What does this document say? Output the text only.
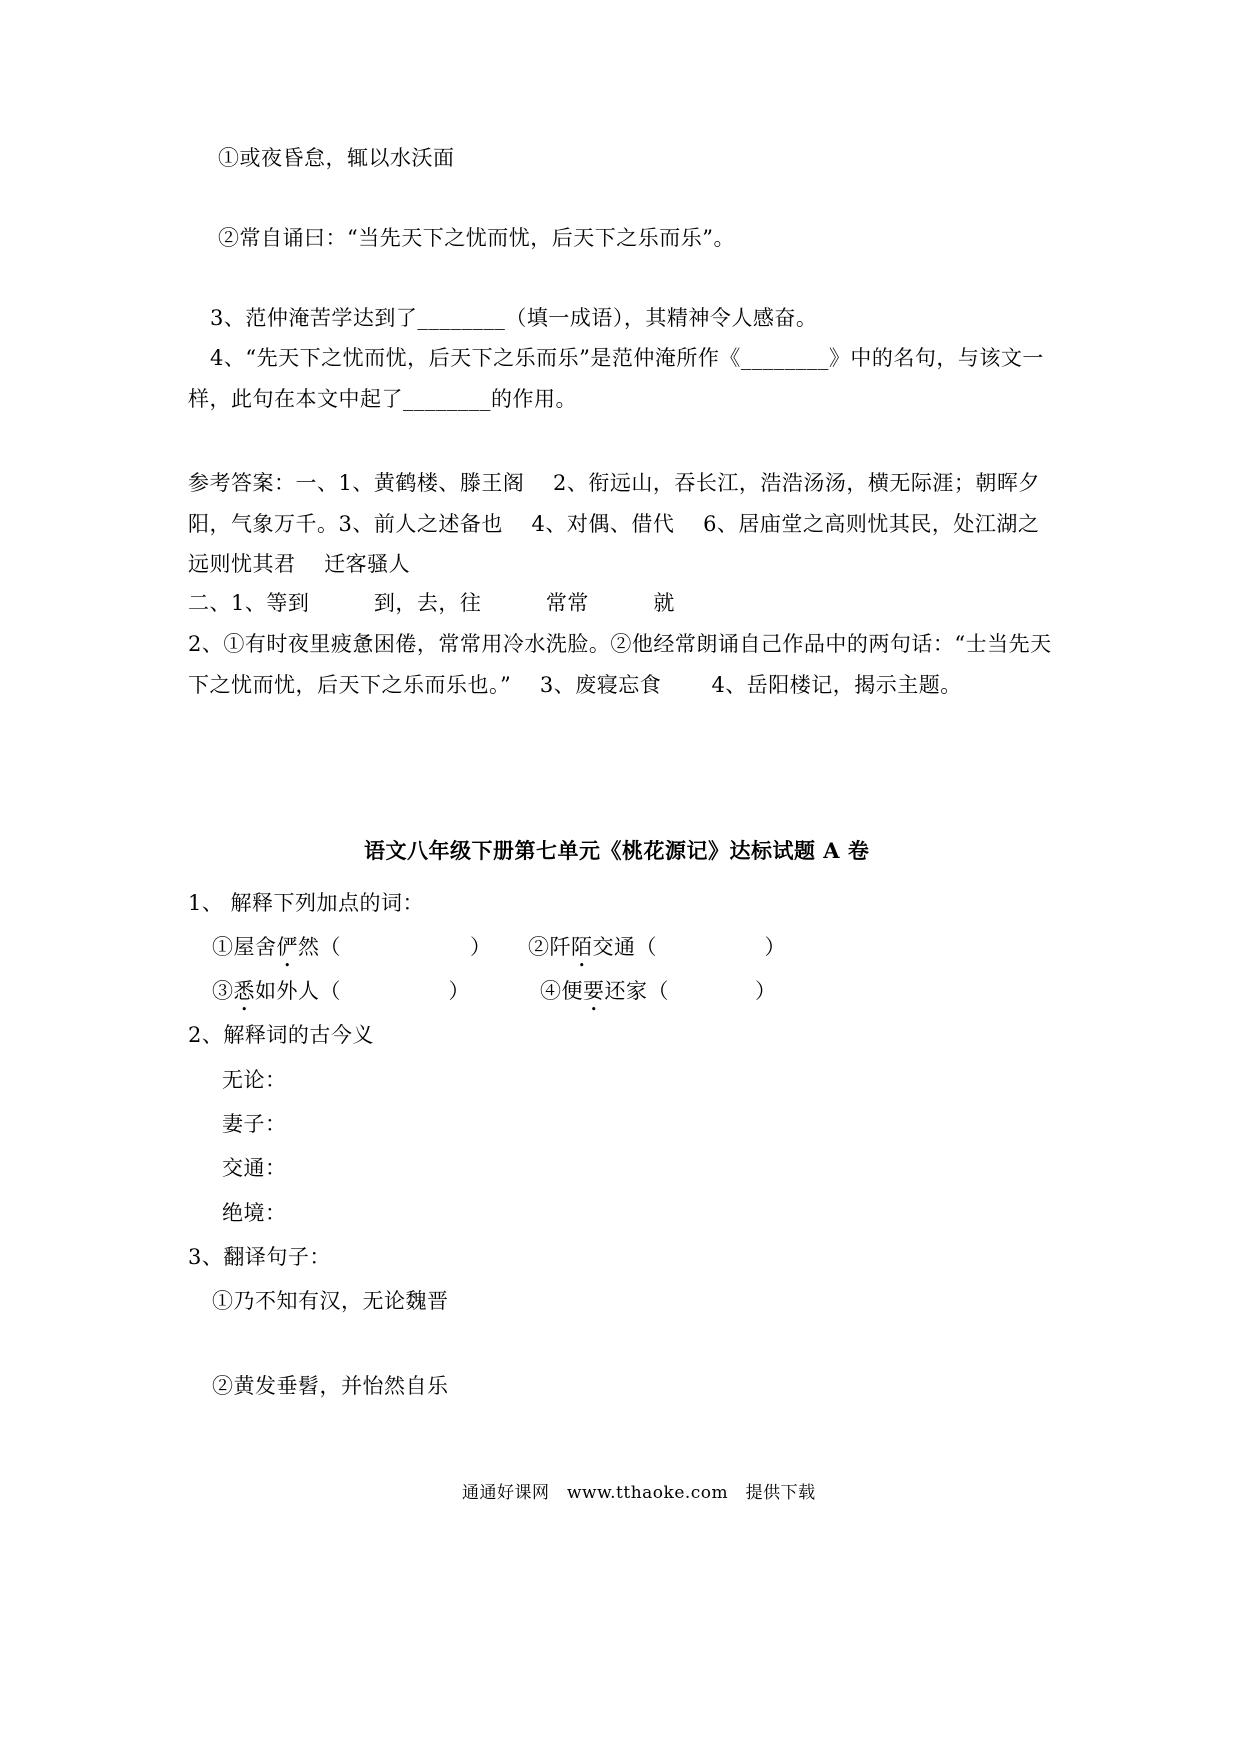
①或夜昏怠，辄以水沃面
②常自诵曰：“当先天下之忧而忧，后天下之乐而乐”。
3、范仲淹苦学达到了________（填一成语），其精神令人感奋。
4、“先天下之忧而忧，后天下之乐而乐”是范仲淹所作《________》中的名句，与该文一
样，此句在本文中起了________的作用。
参考答案：一、1、黄鹤楼、滕王阁　 2、衔远山，吞长江，浩浩汤汤，横无际涯；朝晖夕
阳，气象万千。3、前人之述备也　 4、对偶、借代　 6、居庙堂之高则忧其民，处江湖之
远则忧其君　 迁客骚人
二、1、等到　　　到，去，往　　　常常　　　就
2、①有时夜里疲惫困倦，常常用冷水洗脸。②他经常朗诵自己作品中的两句话：“士当先天
下之忧而忧，后天下之乐而乐也。”　 3、废寝忘食　　 4、岳阳楼记，揭示主题。
语文八年级下册第七单元《桃花源记》达标试题 A 卷
1、 解释下列加点的词：
①屋舍俨然（　　　　　　） ②阡陌交通（　　　　　）
③悉如外人（　　　　　）	④便要还家（　　　　）
2、解释词的古今义
无论：
妻子：
交通：
绝境：
3、翻译句子：
①乃不知有汉，无论魏晋
②黄发垂髫，并怡然自乐
通通好课网　www.tthaoke.com　提供下载
